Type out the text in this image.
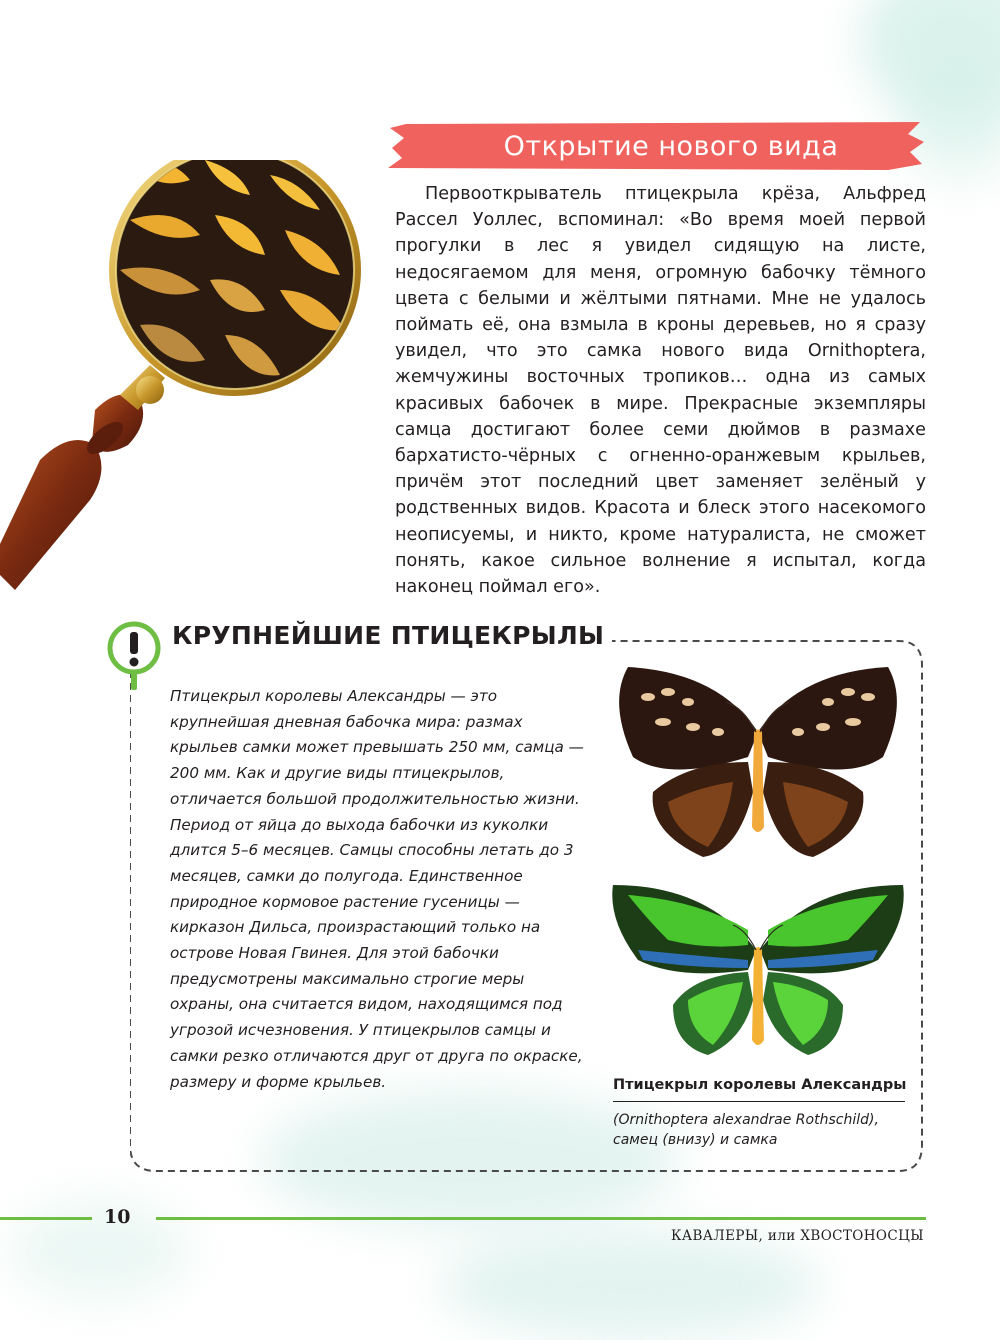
Открытие нового вида

Первооткрыватель птицекрыла крёза, Альфред Рассел Уоллес, вспоминал: «Во время моей первой прогулки в лес я увидел сидящую на листе, недосягаемом для меня, огромную бабочку тёмного цвета с белыми и жёлтыми пятнами. Мне не удалось поймать её, она взмыла в кроны деревьев, но я сразу увидел, что это самка нового вида Ornithoptera, жемчужины восточных тропиков… одна из самых красивых бабочек в мире. Прекрасные экземпляры самца достигают более семи дюймов в размахе бархатисто-чёрных с огненно-оранжевым крыльев, причём этот последний цвет заменяет зелёный у родственных видов. Красота и блеск этого насекомого неописуемы, и никто, кроме натуралиста, не сможет понять, какое сильное волнение я испытал, когда наконец поймал его».

КРУПНЕЙШИЕ ПТИЦЕКРЫЛЫ

Птицекрыл королевы Александры — это крупнейшая дневная бабочка мира: размах крыльев самки может превышать 250 мм, самца — 200 мм. Как и другие виды птицекрылов, отличается большой продолжительностью жизни. Период от яйца до выхода бабочки из куколки длится 5–6 месяцев. Самцы способны летать до 3 месяцев, самки до полугода. Единственное природное кормовое растение гусеницы — кирказон Дильса, произрастающий только на острове Новая Гвинея. Для этой бабочки предусмотрены максимально строгие меры охраны, она считается видом, находящимся под угрозой исчезновения. У птицекрылов самцы и самки резко отличаются друг от друга по окраске, размеру и форме крыльев.	Птицекрыл королевы Александры

(Ornithoptera alexandrae Rothschild), самец (внизу) и самка

10
КАВАЛЕРЫ, или ХВОСТОНОСЦЫ
